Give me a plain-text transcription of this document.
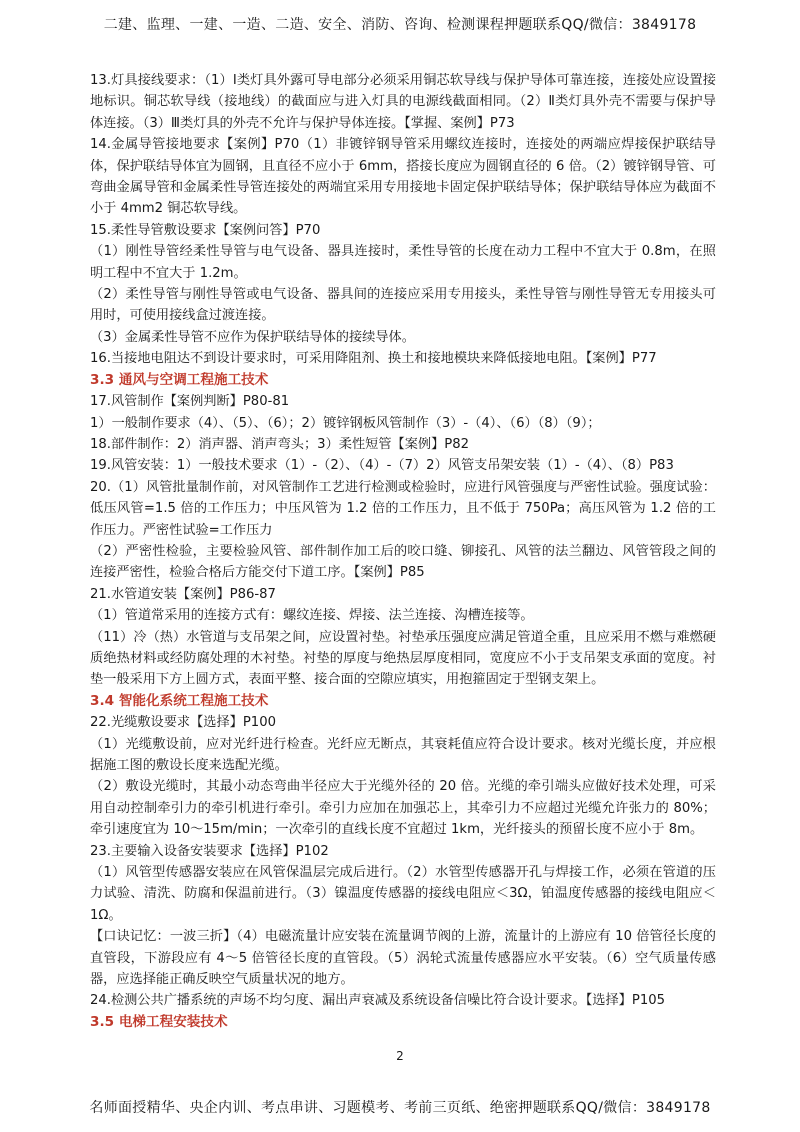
二建、监理、一建、一造、二造、安全、消防、咨询、检测课程押题联系QQ/微信：3849178

13.灯具接线要求：（1）Ⅰ类灯具外露可导电部分必须采用铜芯软导线与保护导体可靠连接，连接处应设置接地标识。铜芯软导线（接地线）的截面应与进入灯具的电源线截面相同。（2）Ⅱ类灯具外壳不需要与保护导体连接。（3）Ⅲ类灯具的外壳不允许与保护导体连接。【掌握、案例】P73

14.金属导管接地要求【案例】P70（1）非镀锌钢导管采用螺纹连接时，连接处的两端应焊接保护联结导体，保护联结导体宜为圆钢，且直径不应小于 6mm，搭接长度应为圆钢直径的 6 倍。（2）镀锌钢导管、可弯曲金属导管和金属柔性导管连接处的两端宜采用专用接地卡固定保护联结导体；保护联结导体应为截面不小于 4mm2 铜芯软导线。

15.柔性导管敷设要求【案例问答】P70

（1）刚性导管经柔性导管与电气设备、器具连接时，柔性导管的长度在动力工程中不宜大于 0.8m，在照明工程中不宜大于 1.2m。

（2）柔性导管与刚性导管或电气设备、器具间的连接应采用专用接头，柔性导管与刚性导管无专用接头可用时，可使用接线盒过渡连接。

（3）金属柔性导管不应作为保护联结导体的接续导体。

16.当接地电阻达不到设计要求时，可采用降阻剂、换土和接地模块来降低接地电阻。【案例】P77

3.3 通风与空调工程施工技术

17.风管制作【案例判断】P80-81

1）一般制作要求（4）、（5）、（6）；2）镀锌钢板风管制作（3）-（4）、（6）（8）（9）；

18.部件制作：2）消声器、消声弯头；3）柔性短管【案例】P82

19.风管安装：1）一般技术要求（1）-（2）、（4）-（7）2）风管支吊架安装（1）-（4）、（8）P83

20.（1）风管批量制作前，对风管制作工艺进行检测或检验时，应进行风管强度与严密性试验。强度试验：低压风管=1.5 倍的工作压力；中压风管为 1.2 倍的工作压力，且不低于 750Pa；高压风管为 1.2 倍的工作压力。严密性试验=工作压力

（2）严密性检验，主要检验风管、部件制作加工后的咬口缝、铆接孔、风管的法兰翻边、风管管段之间的连接严密性，检验合格后方能交付下道工序。【案例】P85

21.水管道安装【案例】P86-87

（1）管道常采用的连接方式有：螺纹连接、焊接、法兰连接、沟槽连接等。

（11）冷（热）水管道与支吊架之间，应设置衬垫。衬垫承压强度应满足管道全重，且应采用不燃与难燃硬质绝热材料或经防腐处理的木衬垫。衬垫的厚度与绝热层厚度相同，宽度应不小于支吊架支承面的宽度。衬垫一般采用下方上圆方式，表面平整、接合面的空隙应填实，用抱箍固定于型钢支架上。

3.4 智能化系统工程施工技术

22.光缆敷设要求【选择】P100

（1）光缆敷设前，应对光纤进行检查。光纤应无断点，其衰耗值应符合设计要求。核对光缆长度，并应根据施工图的敷设长度来选配光缆。

（2）敷设光缆时，其最小动态弯曲半径应大于光缆外径的 20 倍。光缆的牵引端头应做好技术处理，可采用自动控制牵引力的牵引机进行牵引。牵引力应加在加强芯上，其牵引力不应超过光缆允许张力的 80%；牵引速度宜为 10～15m/min；一次牵引的直线长度不宜超过 1km，光纤接头的预留长度不应小于 8m。

23.主要输入设备安装要求【选择】P102

（1）风管型传感器安装应在风管保温层完成后进行。（2）水管型传感器开孔与焊接工作，必须在管道的压力试验、清洗、防腐和保温前进行。（3）镍温度传感器的接线电阻应＜3Ω，铂温度传感器的接线电阻应＜1Ω。

【口诀记忆：一波三折】（4）电磁流量计应安装在流量调节阀的上游，流量计的上游应有 10 倍管径长度的直管段，下游段应有 4～5 倍管径长度的直管段。（5）涡轮式流量传感器应水平安装。（6）空气质量传感器，应选择能正确反映空气质量状况的地方。

24.检测公共广播系统的声场不均匀度、漏出声衰减及系统设备信噪比符合设计要求。【选择】P105

3.5 电梯工程安装技术

2
名师面授精华、央企内训、考点串讲、习题模考、考前三页纸、绝密押题联系QQ/微信：3849178
